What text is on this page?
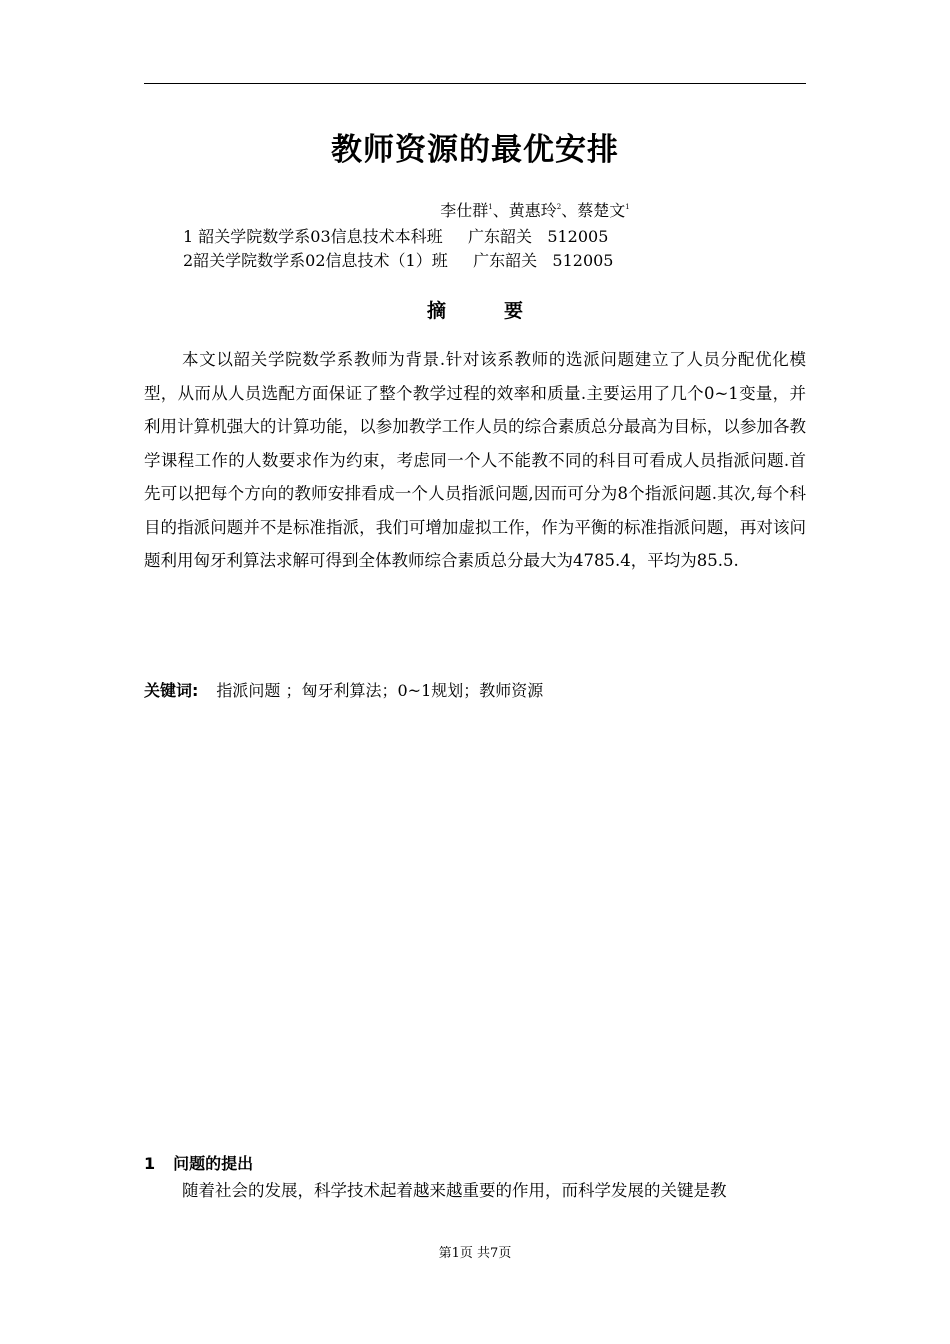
教师资源的最优安排
李仕群$^1$、黄惠玲$^2$、蔡楚文$^1$
1 韶关学院数学系03信息技术本科班     广东韶关   512005
2韶关学院数学系02信息技术（1）班     广东韶关   512005
摘要

本文以韶关学院数学系教师为背景.针对该系教师的选派问题建立了人员分配优化模型，从而从人员选配方面保证了整个教学过程的效率和质量.主要运用了几个0~1变量，并利用计算机强大的计算功能，以参加教学工作人员的综合素质总分最高为目标，以参加各教学课程工作的人数要求作为约束，考虑同一个人不能教不同的科目可看成人员指派问题.首先可以把每个方向的教师安排看成一个人员指派问题,因而可分为8个指派问题.其次,每个科目的指派问题并不是标准指派，我们可增加虚拟工作，作为平衡的标准指派问题，再对该问题利用匈牙利算法求解可得到全体教师综合素质总分最大为4785.4，平均为85.5.

关键词: 指派问题 ；匈牙利算法；0~1规划；教师资源
1 问题的提出

随着社会的发展，科学技术起着越来越重要的作用，而科学发展的关键是教

第1页 共7页
